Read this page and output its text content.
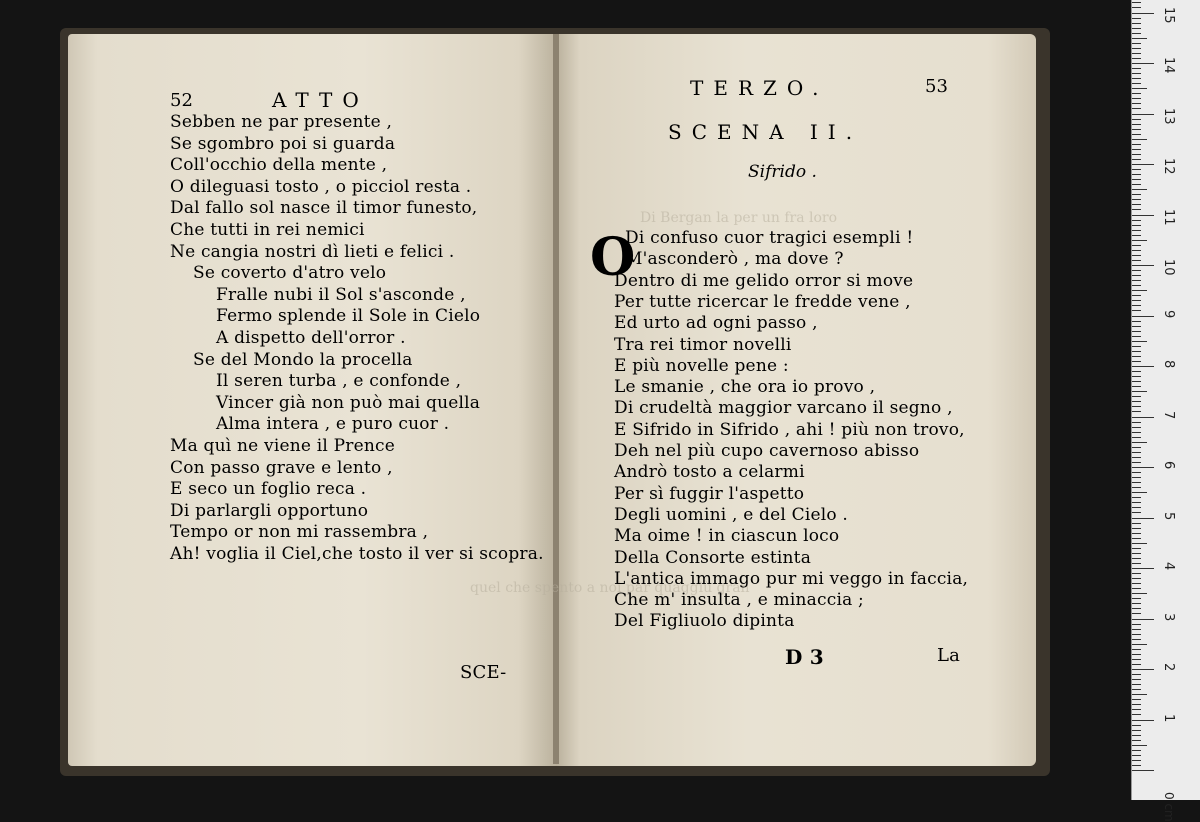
quel che spento a noi par quaggiù gran
Di Bergan la per un fra loro
52	ATTO
Sebben ne par presente ,
Se sgombro poi si guarda
Coll'occhio della mente ,
O dileguasi tosto , o picciol resta .
Dal fallo sol nasce il timor funesto,
Che tutti in rei nemici
Ne cangia nostri dì lieti e felici .
Se coverto d'atro velo
Fralle nubi il Sol s'asconde ,
Fermo splende il Sole in Cielo
A dispetto dell'orror .
Se del Mondo la procella
Il seren turba , e confonde ,
Vincer già non può mai quella
Alma intera , e puro cuor .
Ma quì ne viene il Prence
Con passo grave e lento ,
E seco un foglio reca .
Di parlargli opportuno
Tempo or non mi rassembra ,
Ah! voglia il Ciel,che tosto il ver si scopra.
SCE-
TERZO.	53
SCENA II.
Sifrido .
O
Di confuso cuor tragici esempli !
M'asconderò , ma dove ?
Dentro di me gelido orror si move
Per tutte ricercar le fredde vene ,
Ed urto ad ogni passo ,
Tra rei timor novelli
E più novelle pene :
Le smanie , che ora io provo ,
Di crudeltà maggior varcano il segno ,
E Sifrido in Sifrido , ahi ! più non trovo,
Deh nel più cupo cavernoso abisso
Andrò tosto a celarmi
Per sì fuggir l'aspetto
Degli uomini , e del Cielo .
Ma oime ! in ciascun loco
Della Consorte estinta
L'antica immago pur mi veggo in faccia,
Che m' insulta , e minaccia ;
Del Figliuolo dipinta
D 3	La
1
2
3
4
5
6
7
8
9
10
11
12
13
14
15
0 cm
